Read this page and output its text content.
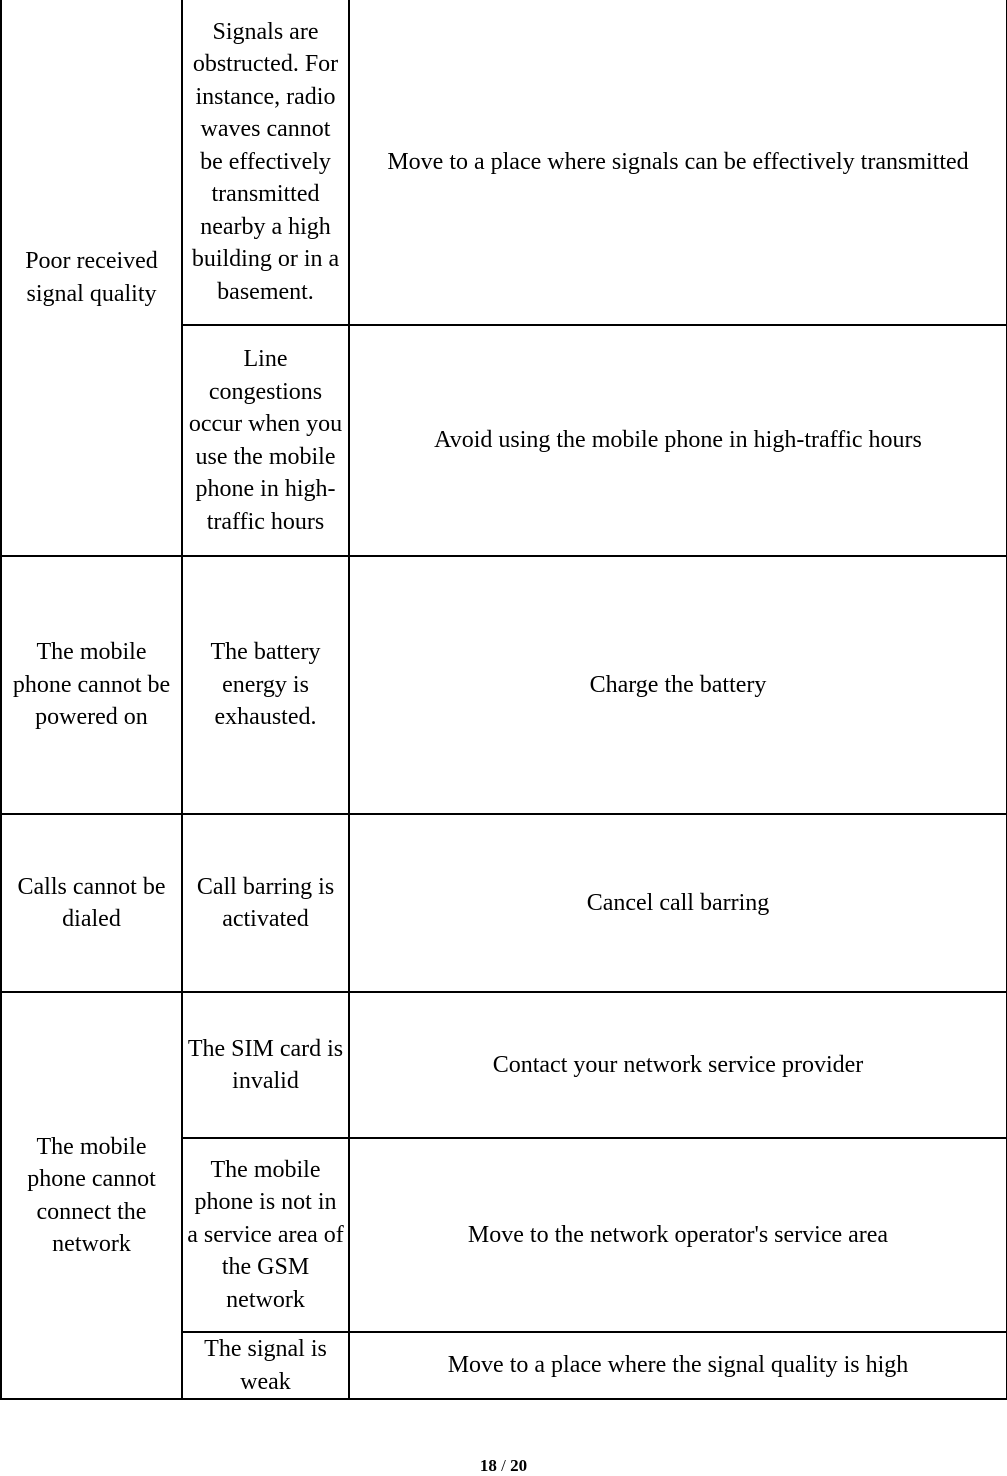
Poor received signal quality	Signals are obstructed. For instance, radio waves cannot be effectively transmitted nearby a high building or in a basement.	Move to a place where signals can be effectively transmitted
	Line congestions occur when you use the mobile phone in high-traffic hours	Avoid using the mobile phone in high-traffic hours
The mobile phone cannot be powered on	The battery energy is exhausted.	Charge the battery
Calls cannot be dialed	Call barring is activated	Cancel call barring
The mobile phone cannot connect the network	The SIM card is invalid	Contact your network service provider
	The mobile phone is not in a service area of the GSM network	Move to the network operator's service area
	The signal is weak	Move to a place where the signal quality is high
18 / 20
